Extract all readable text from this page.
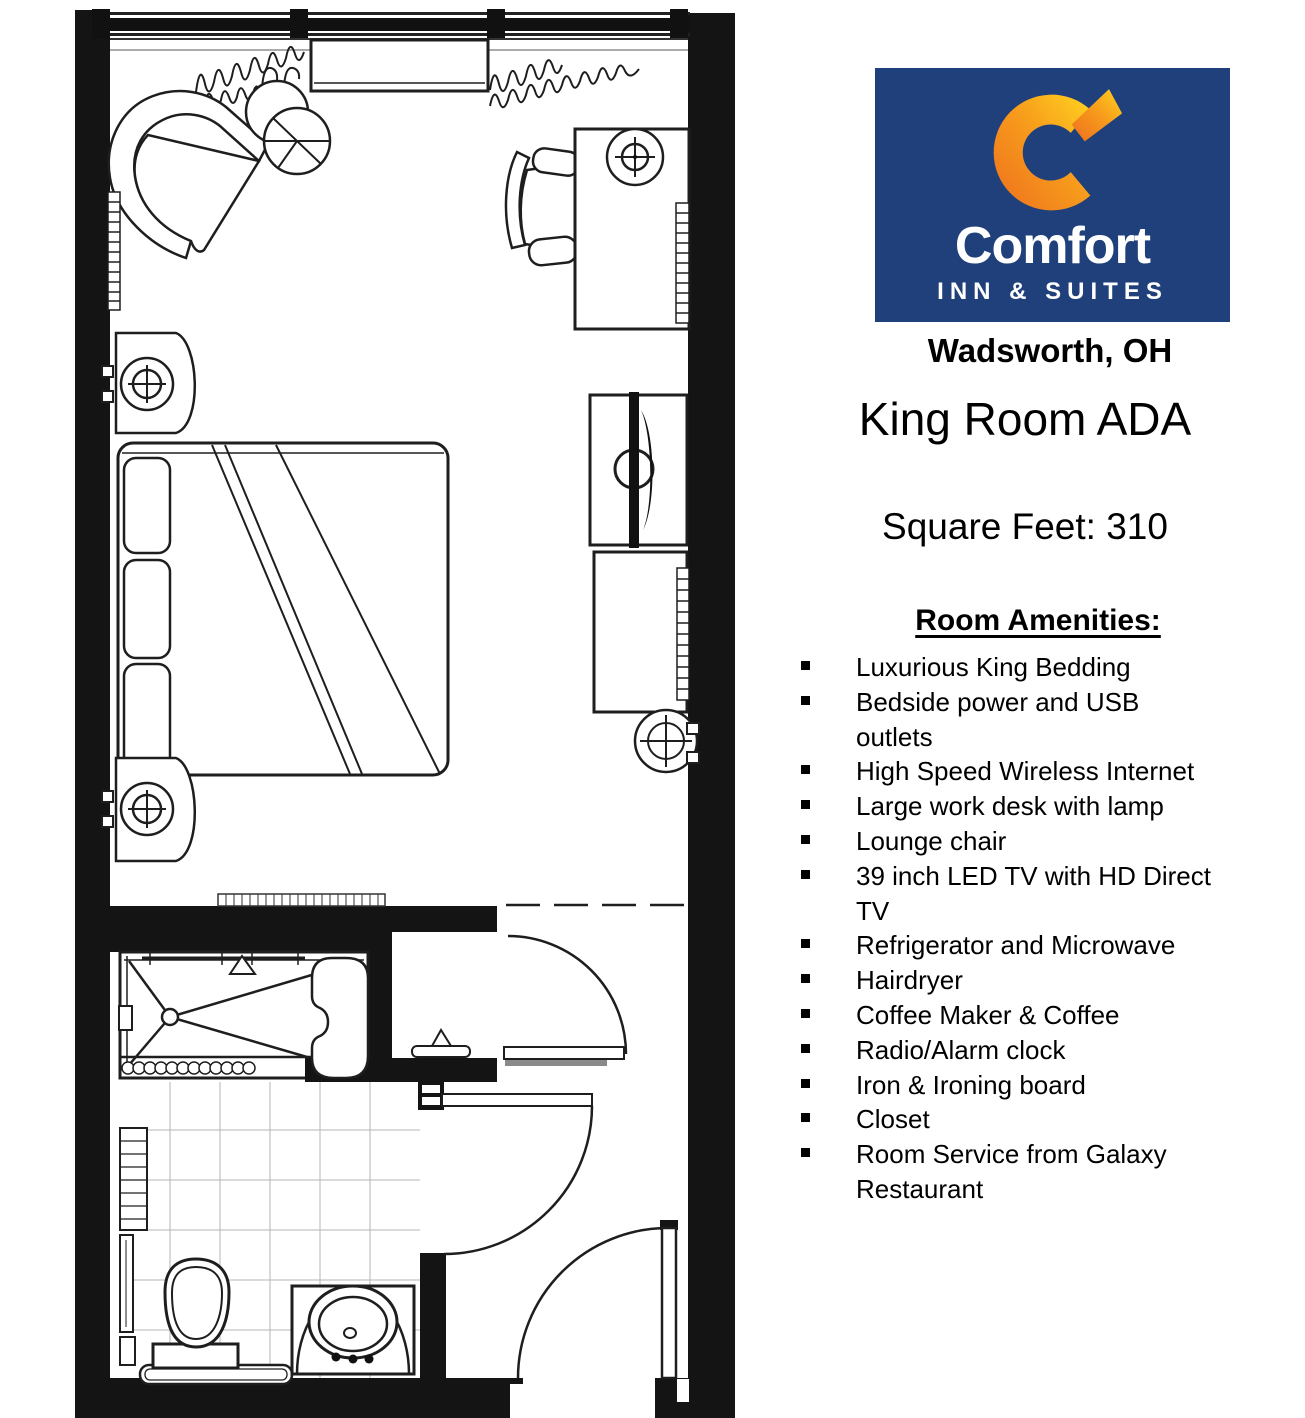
Comfort
INN & SUITES
Wadsworth, OH
King Room ADA
Square Feet: 310
Room Amenities:
Luxurious King Bedding
Bedside power and USB outlets
High Speed Wireless Internet
Large work desk with lamp
Lounge chair
39 inch LED TV with HD Direct TV
Refrigerator and Microwave
Hairdryer
Coffee Maker & Coffee
Radio/Alarm clock
Iron & Ironing board
Closet
Room Service from Galaxy Restaurant
